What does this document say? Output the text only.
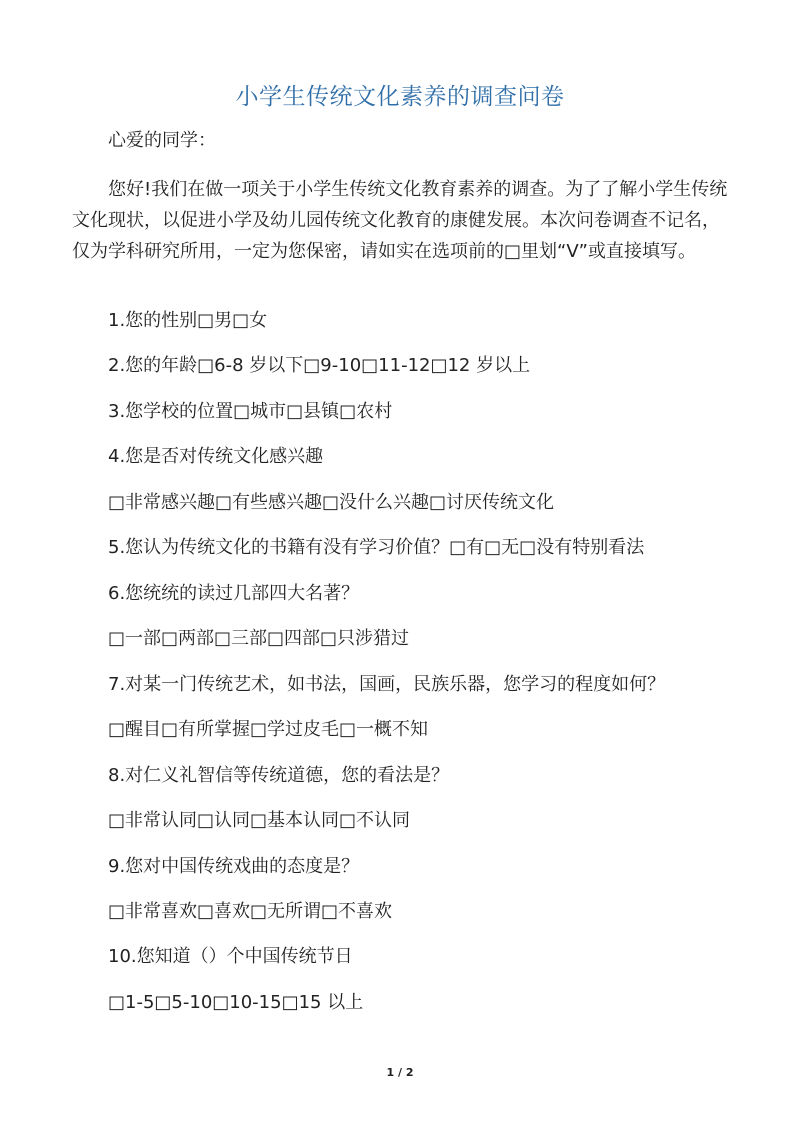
小学生传统文化素养的调查问卷
心爱的同学：
您好!我们在做一项关于小学生传统文化教育素养的调查。为了了解小学生传统文化现状，以促进小学及幼儿园传统文化教育的康健发展。本次问卷调查不记名，仅为学科研究所用，一定为您保密，请如实在选项前的□里划“V”或直接填写。
1.您的性别□男□女
2.您的年龄□6-8 岁以下□9-10□11-12□12 岁以上
3.您学校的位置□城市□县镇□农村
4.您是否对传统文化感兴趣
□非常感兴趣□有些感兴趣□没什么兴趣□讨厌传统文化
5.您认为传统文化的书籍有没有学习价值？□有□无□没有特别看法
6.您统统的读过几部四大名著？
□一部□两部□三部□四部□只涉猎过
7.对某一门传统艺术，如书法，国画，民族乐器，您学习的程度如何？
□醒目□有所掌握□学过皮毛□一概不知
8.对仁义礼智信等传统道德，您的看法是？
□非常认同□认同□基本认同□不认同
9.您对中国传统戏曲的态度是？
□非常喜欢□喜欢□无所谓□不喜欢
10.您知道（）个中国传统节日
□1-5□5-10□10-15□15 以上
1 / 2
